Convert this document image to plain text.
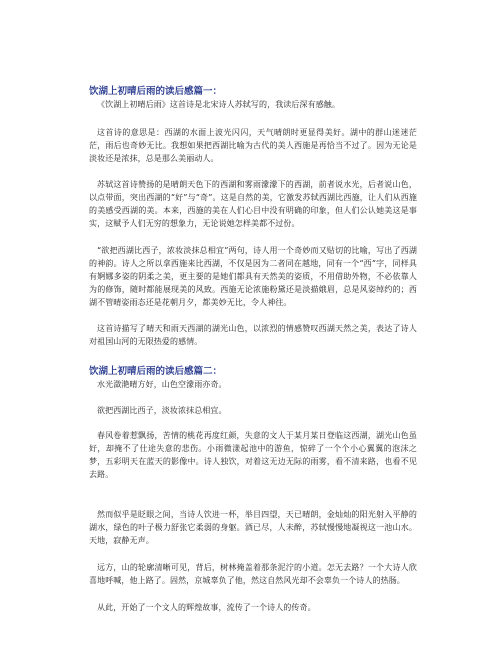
饮湖上初晴后雨的读后感篇一：
《饮湖上初晴后雨》这首诗是北宋诗人苏轼写的，我读后深有感触。
这首诗的意思是：西湖的水面上波光闪闪，天气晴朗时更显得美好。湖中的群山迷迷茫茫，雨后也奇妙无比。我想如果把西湖比喻为古代的美人西施是再恰当不过了。因为无论是淡妆还是浓抹，总是那么美丽动人。
苏轼这首诗赞扬的是晴朗天色下的西湖和雾雨濛濛下的西湖，前者说水光，后者说山色，以点带面，突出西湖的“好”与“奇”。这是自然的美，它激发苏轼西湖比西施，让人们从西施的美感受西湖的美。本来，西施的美在人们心目中没有明确的印象，但人们公认她美这是事实，这赋予人们无穷的想象力，无论说她怎样美都不过份。
“欲把西湖比西子，浓妆淡抹总相宜”两句，诗人用一个奇妙而又贴切的比喻，写出了西湖的神韵。诗人之所以拿西施来比西湖，不仅是因为二者同在越地，同有一个“西”字，同样具有婀娜多姿的阴柔之美，更主要的是她们都具有天然美的姿质，不用借助外物，不必依靠人为的修饰，随时都能展现美的风致。西施无论浓施粉黛还是淡描娥眉，总是风姿绰约的；西湖不管晴姿雨态还是花朝月夕，都美妙无比，令人神往。
这首诗描写了晴天和雨天西湖的湖光山色，以浓烈的情感赞叹西湖天然之美，表达了诗人对祖国山河的无限热爱的感情。
饮湖上初晴后雨的读后感篇二：
水光潋滟晴方好，山色空濛雨亦奇。
欲把西湖比西子，淡妆浓抹总相宜。
春风卷着惹飘扬，苦情的桃花再度红颜，失意的文人于某月某日登临这西湖，湖光山色虽好，却掩不了仕途失意的悲伤。小雨微漾起池中的游鱼，惊碎了一个个小心翼翼的泡沫之梦，五彩明天在蓝天的影像中。诗人独饮，对着这无边无际的雨雾，看不清来路，也看不见去路。
然而似乎是眨眼之间，当诗人饮进一杯，举目四望，天已晴朗，金灿灿的阳光射入平静的湖水，绿色的叶子极力舒张它柔弱的身躯。酒已尽，人未醉，苏轼慢慢地凝视这一池山水。天地，寂静无声。
远方，山的轮廓清晰可见，背后，树林掩盖着那条泥泞的小道。怎无去路？一个大诗人欣喜地呼喊，他上路了。固然，京城辜负了他，然这自然风光却不会辜负一个诗人的热肠。
从此，开始了一个文人的辉煌故事，流传了一个诗人的传奇。
